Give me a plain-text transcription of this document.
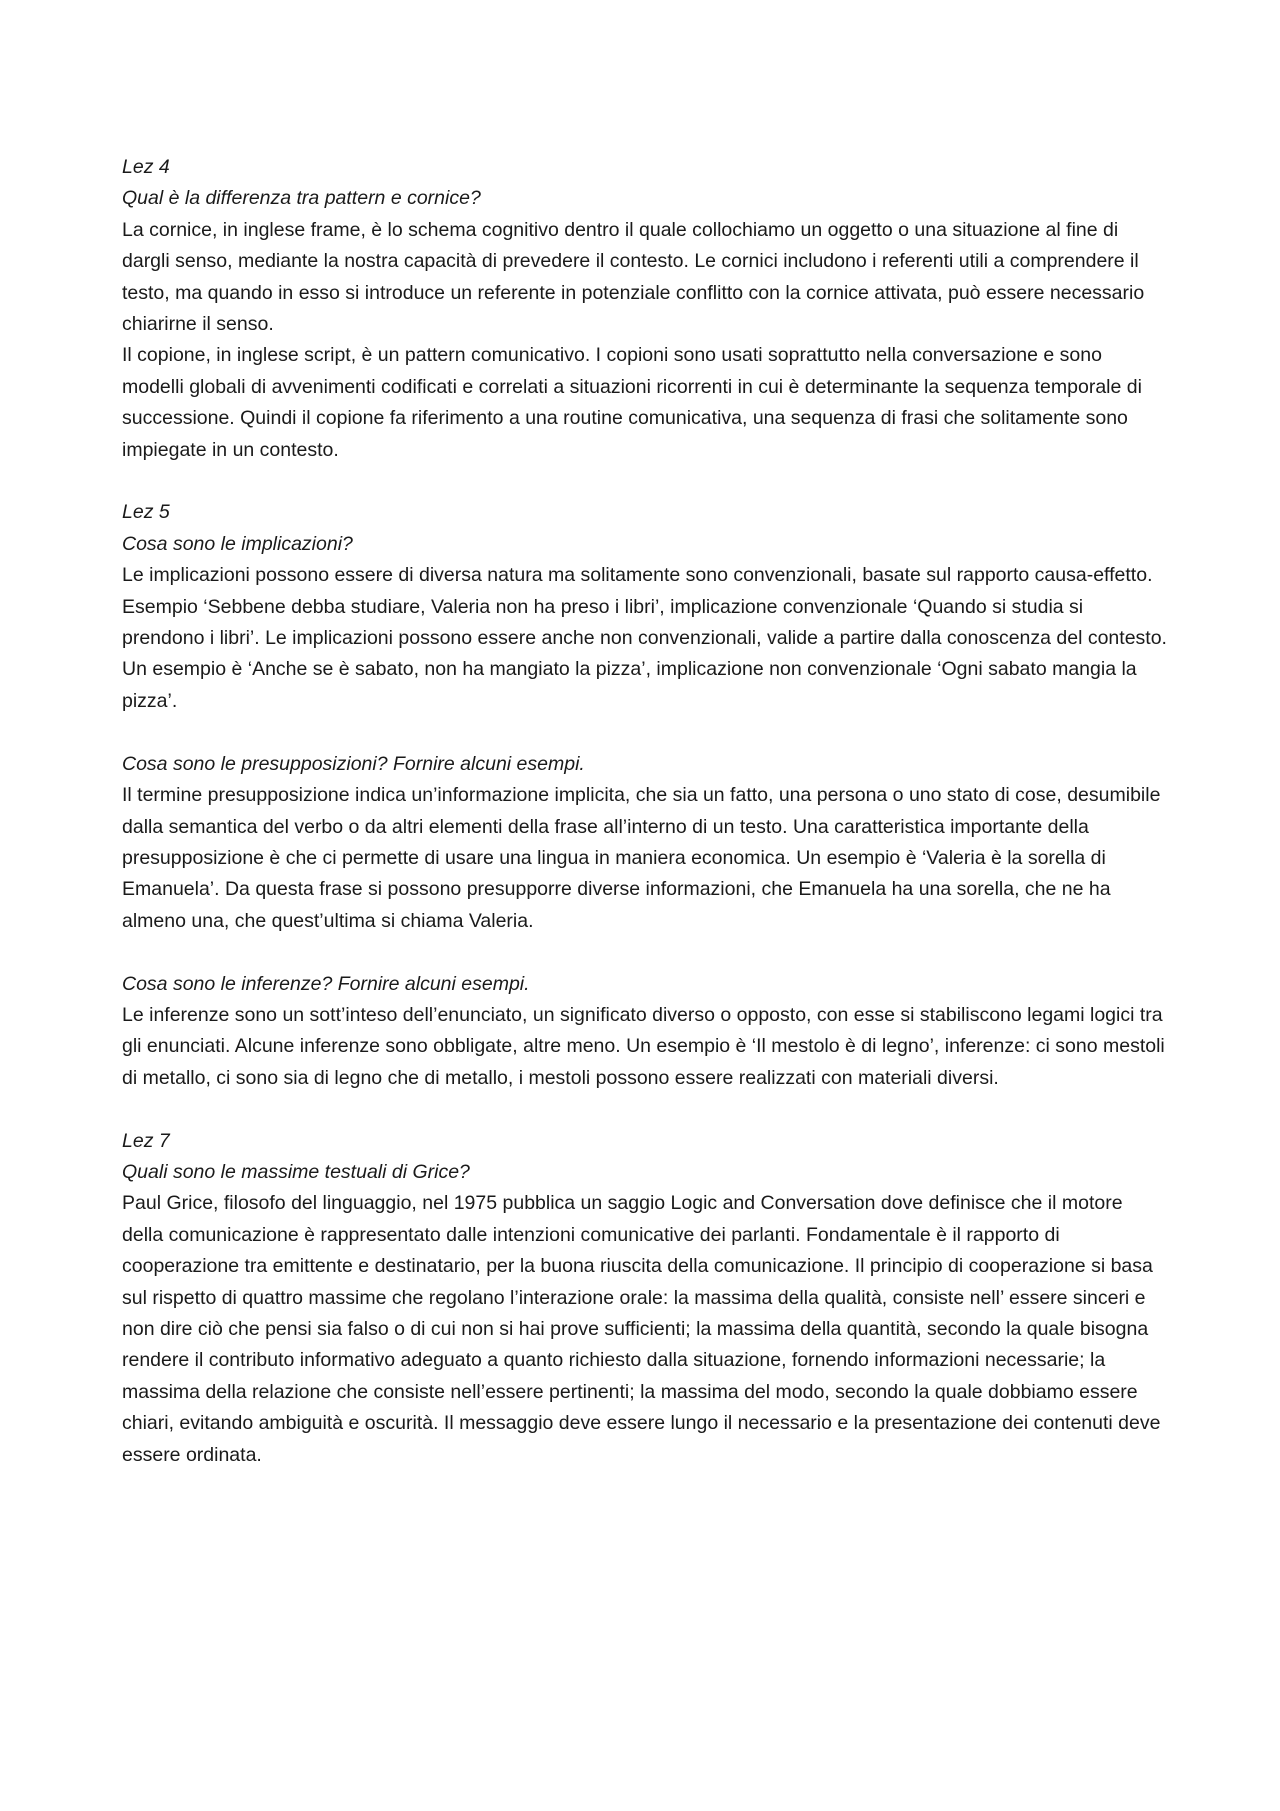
Lez 4

Qual è la differenza tra pattern e cornice?

La cornice, in inglese frame, è lo schema cognitivo dentro il quale collochiamo un oggetto o una situazione al fine di dargli senso, mediante la nostra capacità di prevedere il contesto. Le cornici includono i referenti utili a comprendere il testo, ma quando in esso si introduce un referente in potenziale conflitto con la cornice attivata, può essere necessario chiarirne il senso.

Il copione, in inglese script, è un pattern comunicativo. I copioni sono usati soprattutto nella conversazione e sono modelli globali di avvenimenti codificati e correlati a situazioni ricorrenti in cui è determinante la sequenza temporale di successione. Quindi il copione fa riferimento a una routine comunicativa, una sequenza di frasi che solitamente sono impiegate in un contesto.

Lez 5

Cosa sono le implicazioni?

Le implicazioni possono essere di diversa natura ma solitamente sono convenzionali, basate sul rapporto causa-effetto. Esempio ‘Sebbene debba studiare, Valeria non ha preso i libri’, implicazione convenzionale ‘Quando si studia si prendono i libri’. Le implicazioni possono essere anche non convenzionali, valide a partire dalla conoscenza del contesto. Un esempio è ‘Anche se è sabato, non ha mangiato la pizza’, implicazione non convenzionale ‘Ogni sabato mangia la pizza’.

Cosa sono le presupposizioni? Fornire alcuni esempi.

Il termine presupposizione indica un’informazione implicita, che sia un fatto, una persona o uno stato di cose, desumibile dalla semantica del verbo o da altri elementi della frase all’interno di un testo. Una caratteristica importante della presupposizione è che ci permette di usare una lingua in maniera economica. Un esempio è ‘Valeria è la sorella di Emanuela’. Da questa frase si possono presupporre diverse informazioni, che Emanuela ha una sorella, che ne ha almeno una, che quest’ultima si chiama Valeria.

Cosa sono le inferenze? Fornire alcuni esempi.

Le inferenze sono un sott’inteso dell’enunciato, un significato diverso o opposto, con esse si stabiliscono legami logici tra gli enunciati. Alcune inferenze sono obbligate, altre meno. Un esempio è ‘Il mestolo è di legno’, inferenze: ci sono mestoli di metallo, ci sono sia di legno che di metallo, i mestoli possono essere realizzati con materiali diversi.

Lez 7

Quali sono le massime testuali di Grice?

Paul Grice, filosofo del linguaggio, nel 1975 pubblica un saggio Logic and Conversation dove definisce che il motore della comunicazione è rappresentato dalle intenzioni comunicative dei parlanti. Fondamentale è il rapporto di cooperazione tra emittente e destinatario, per la buona riuscita della comunicazione. Il principio di cooperazione si basa sul rispetto di quattro massime che regolano l’interazione orale: la massima della qualità, consiste nell’ essere sinceri e non dire ciò che pensi sia falso o di cui non si hai prove sufficienti; la massima della quantità, secondo la quale bisogna rendere il contributo informativo adeguato a quanto richiesto dalla situazione, fornendo informazioni necessarie; la massima della relazione che consiste nell’essere pertinenti; la massima del modo, secondo la quale dobbiamo essere chiari, evitando ambiguità e oscurità. Il messaggio deve essere lungo il necessario e la presentazione dei contenuti deve essere ordinata.
